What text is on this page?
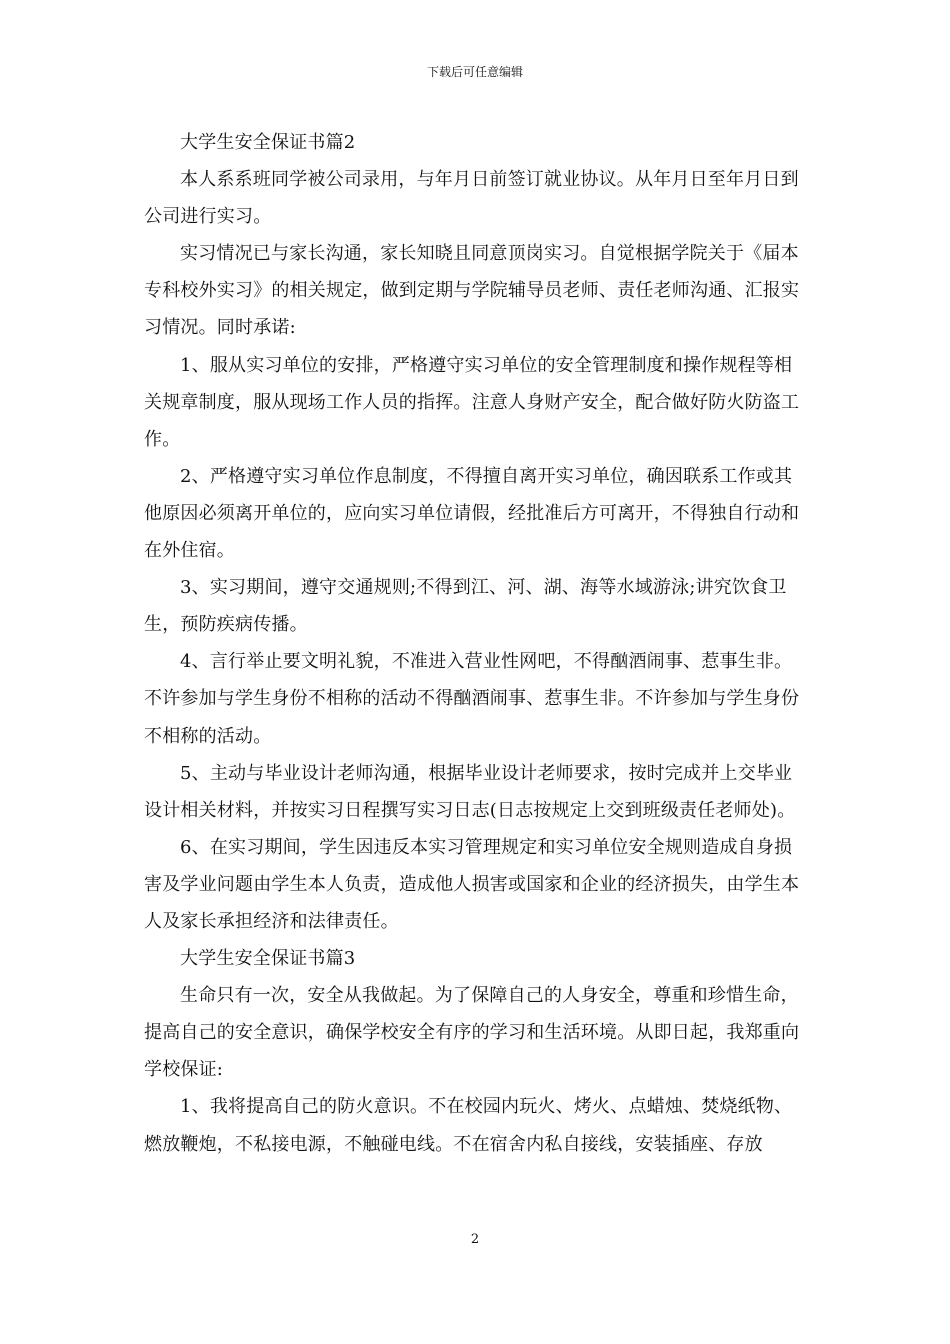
下载后可任意编辑

大学生安全保证书篇2

本人系系班同学被公司录用，与年月日前签订就业协议。从年月日至年月日到公司进行实习。

实习情况已与家长沟通，家长知晓且同意顶岗实习。自觉根据学院关于《届本专科校外实习》的相关规定，做到定期与学院辅导员老师、责任老师沟通、汇报实习情况。同时承诺:

1、服从实习单位的安排，严格遵守实习单位的安全管理制度和操作规程等相关规章制度，服从现场工作人员的指挥。注意人身财产安全，配合做好防火防盗工作。

2、严格遵守实习单位作息制度，不得擅自离开实习单位，确因联系工作或其他原因必须离开单位的，应向实习单位请假，经批准后方可离开，不得独自行动和在外住宿。

3、实习期间，遵守交通规则;不得到江、河、湖、海等水域游泳;讲究饮食卫生，预防疾病传播。

4、言行举止要文明礼貌，不准进入营业性网吧，不得酗酒闹事、惹事生非。不许参加与学生身份不相称的活动不得酗酒闹事、惹事生非。不许参加与学生身份不相称的活动。

5、主动与毕业设计老师沟通，根据毕业设计老师要求，按时完成并上交毕业设计相关材料，并按实习日程撰写实习日志(日志按规定上交到班级责任老师处)。

6、在实习期间，学生因违反本实习管理规定和实习单位安全规则造成自身损害及学业问题由学生本人负责，造成他人损害或国家和企业的经济损失，由学生本人及家长承担经济和法律责任。

大学生安全保证书篇3

生命只有一次，安全从我做起。为了保障自己的人身安全，尊重和珍惜生命，提高自己的安全意识，确保学校安全有序的学习和生活环境。从即日起，我郑重向学校保证:

1、我将提高自己的防火意识。不在校园内玩火、烤火、点蜡烛、焚烧纸物、燃放鞭炮，不私接电源，不触碰电线。不在宿舍内私自接线，安装插座、存放

2
